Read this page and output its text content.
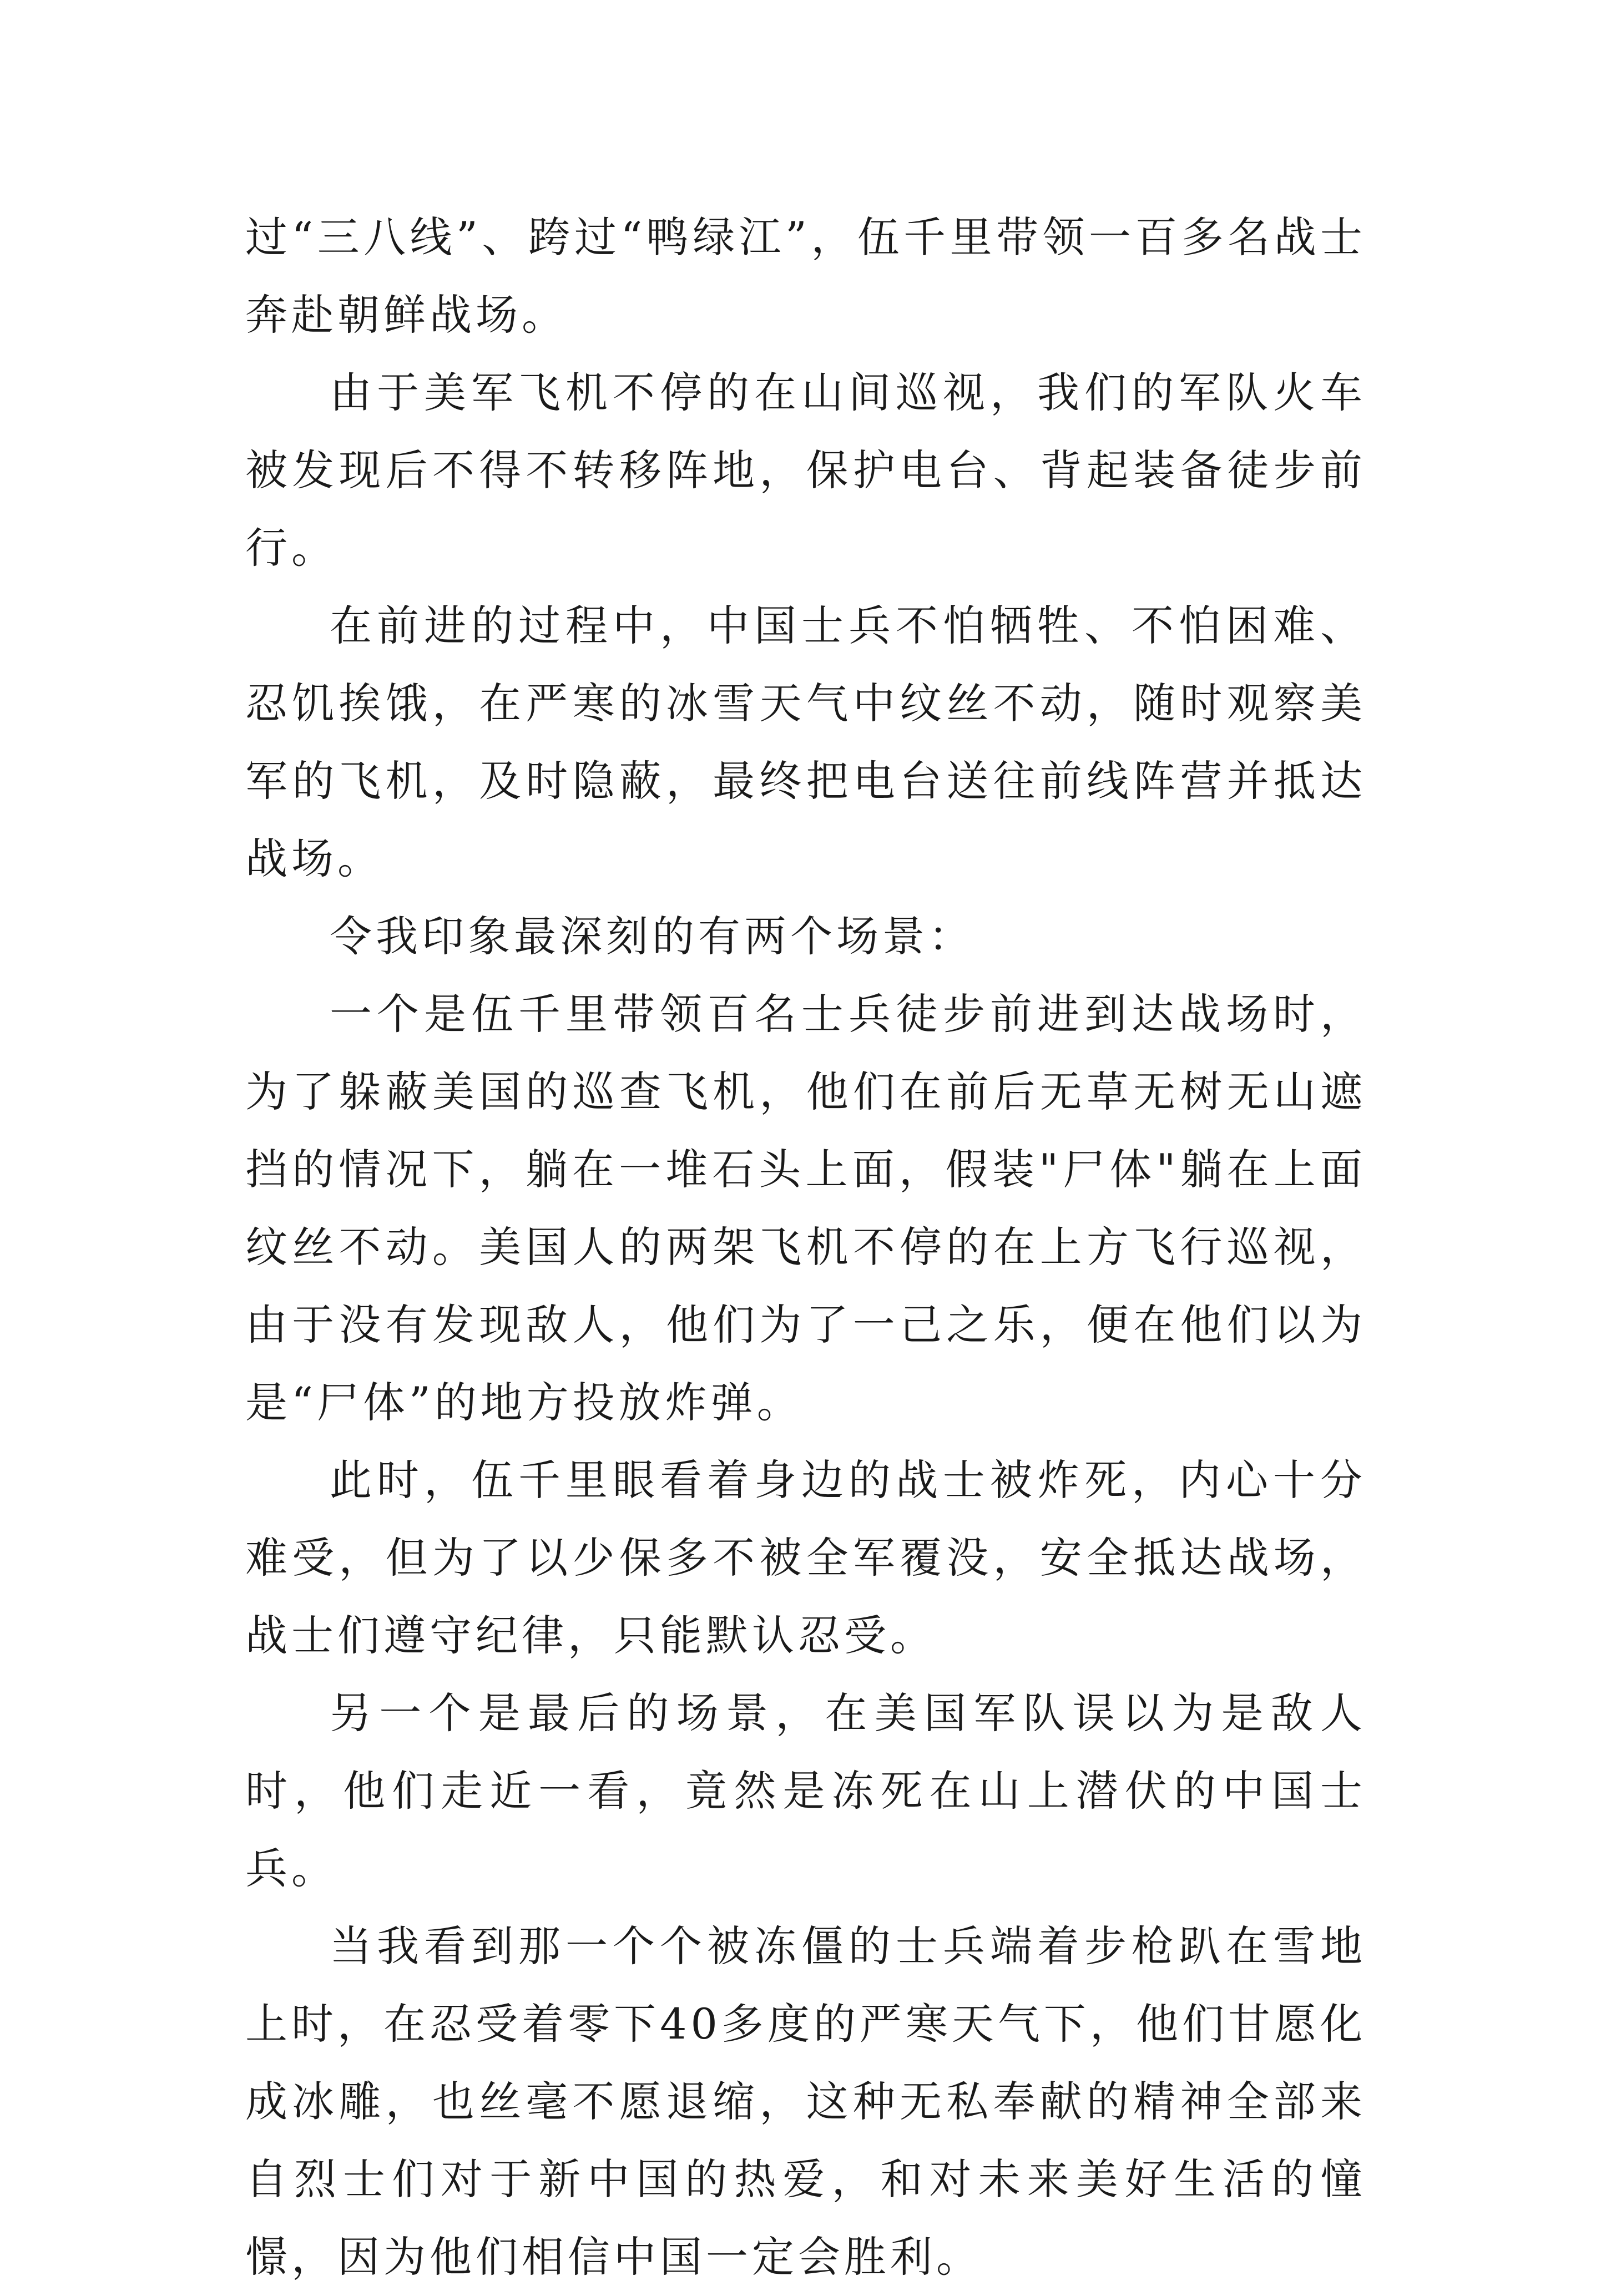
过“三八线”、跨过“鸭绿江”，伍千里带领一百多名战士奔赴朝鲜战场。

由于美军飞机不停的在山间巡视，我们的军队火车被发现后不得不转移阵地，保护电台、背起装备徒步前行。

在前进的过程中，中国士兵不怕牺牲、不怕困难、忍饥挨饿，在严寒的冰雪天气中纹丝不动，随时观察美军的飞机，及时隐蔽，最终把电台送往前线阵营并抵达战场。

令我印象最深刻的有两个场景：

一个是伍千里带领百名士兵徒步前进到达战场时，为了躲蔽美国的巡查飞机，他们在前后无草无树无山遮挡的情况下，躺在一堆石头上面，假装"尸体"躺在上面纹丝不动。美国人的两架飞机不停的在上方飞行巡视，由于没有发现敌人，他们为了一己之乐，便在他们以为是“尸体”的地方投放炸弹。

此时，伍千里眼看着身边的战士被炸死，内心十分难受，但为了以少保多不被全军覆没，安全抵达战场，战士们遵守纪律，只能默认忍受。

另一个是最后的场景，在美国军队误以为是敌人时，他们走近一看，竟然是冻死在山上潜伏的中国士兵。

当我看到那一个个被冻僵的士兵端着步枪趴在雪地上时，在忍受着零下40多度的严寒天气下，他们甘愿化成冰雕，也丝毫不愿退缩，这种无私奉献的精神全部来自烈士们对于新中国的热爱，和对未来美好生活的憧憬，因为他们相信中国一定会胜利。
